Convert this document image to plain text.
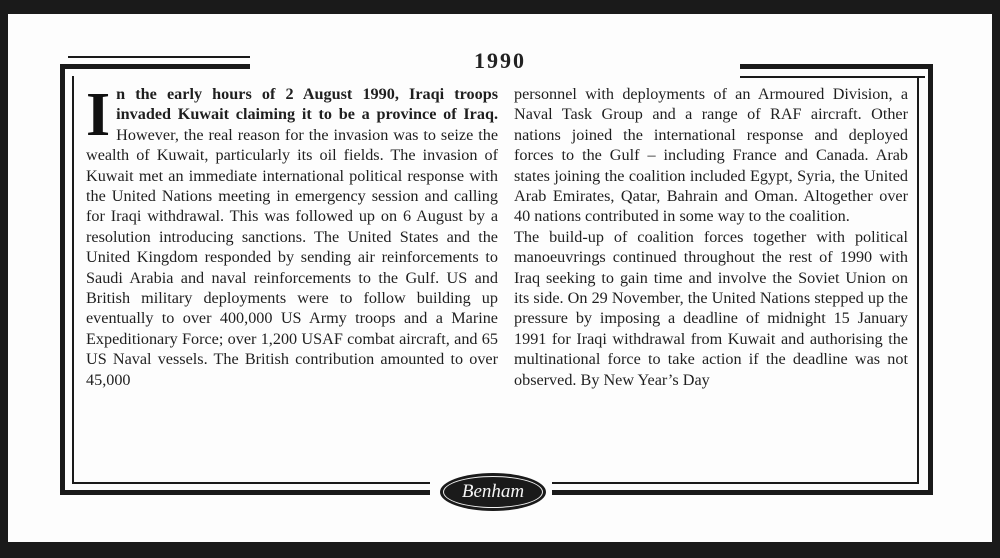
1990

In the early hours of 2 August 1990, Iraqi troops invaded Kuwait claiming it to be a province of Iraq. However, the real reason for the invasion was to seize the wealth of Kuwait, particularly its oil fields. The invasion of Kuwait met an immediate international political response with the United Nations meeting in emergency session and calling for Iraqi withdrawal. This was followed up on 6 August by a resolution introducing sanctions. The United States and the United Kingdom responded by sending air reinforcements to Saudi Arabia and naval reinforcements to the Gulf. US and British military deployments were to follow building up eventually to over 400,000 US Army troops and a Marine Expeditionary Force; over 1,200 USAF combat aircraft, and 65 US Naval vessels. The British contribution amounted to over 45,000

personnel with deployments of an Armoured Division, a Naval Task Group and a range of RAF aircraft. Other nations joined the international response and deployed forces to the Gulf – including France and Canada. Arab states joining the coalition included Egypt, Syria, the United Arab Emirates, Qatar, Bahrain and Oman. Altogether over 40 nations contributed in some way to the coalition.

The build-up of coalition forces together with political manoeuvrings continued throughout the rest of 1990 with Iraq seeking to gain time and involve the Soviet Union on its side. On 29 November, the United Nations stepped up the pressure by imposing a deadline of midnight 15 January 1991 for Iraqi withdrawal from Kuwait and authorising the multinational force to take action if the deadline was not observed. By New Year’s Day

Benham
